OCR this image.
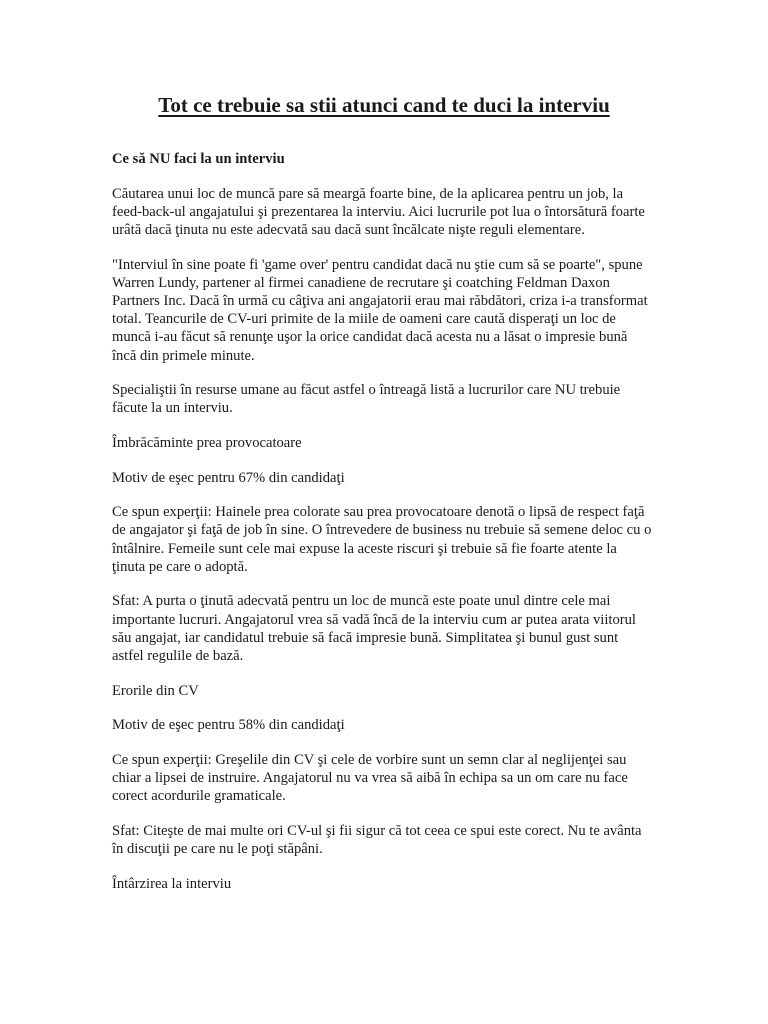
Tot ce trebuie sa stii atunci cand te duci la interviu
Ce să NU faci la un interviu

Căutarea unui loc de muncă pare să meargă foarte bine, de la aplicarea pentru un job, la feed-back-ul angajatului şi prezentarea la interviu. Aici lucrurile pot lua o întorsătură foarte urâtă dacă ţinuta nu este adecvată sau dacă sunt încălcate nişte reguli elementare.

"Interviul în sine poate fi 'game over' pentru candidat dacă nu ştie cum să se poarte", spune Warren Lundy, partener al firmei canadiene de recrutare şi coatching Feldman Daxon Partners Inc. Dacă în urmă cu câţiva ani angajatorii erau mai răbdători, criza i-a transformat total. Teancurile de CV-uri primite de la miile de oameni care caută disperaţi un loc de muncă i-au făcut să renunţe uşor la orice candidat dacă acesta nu a lăsat o impresie bună încă din primele minute.

Specialiştii în resurse umane au făcut astfel o întreagă listă a lucrurilor care NU trebuie făcute la un interviu.

Îmbrăcăminte prea provocatoare

Motiv de eşec pentru 67% din candidaţi

Ce spun experţii: Hainele prea colorate sau prea provocatoare denotă o lipsă de respect faţă de angajator şi faţă de job în sine. O întrevedere de business nu trebuie să semene deloc cu o întâlnire. Femeile sunt cele mai expuse la aceste riscuri şi trebuie să fie foarte atente la ţinuta pe care o adoptă.

Sfat: A purta o ţinută adecvată pentru un loc de muncă este poate unul dintre cele mai importante lucruri. Angajatorul vrea să vadă încă de la interviu cum ar putea arata viitorul său angajat, iar candidatul trebuie să facă impresie bună. Simplitatea şi bunul gust sunt astfel regulile de bază.

Erorile din CV

Motiv de eşec pentru 58% din candidaţi

Ce spun experţii: Greşelile din CV şi cele de vorbire sunt un semn clar al neglijenţei sau chiar a lipsei de instruire. Angajatorul nu va vrea să aibă în echipa sa un om care nu face corect acordurile gramaticale.

Sfat: Citeşte de mai multe ori CV-ul şi fii sigur că tot ceea ce spui este corect. Nu te avânta în discuţii pe care nu le poţi stăpâni.

Întârzirea la interviu
